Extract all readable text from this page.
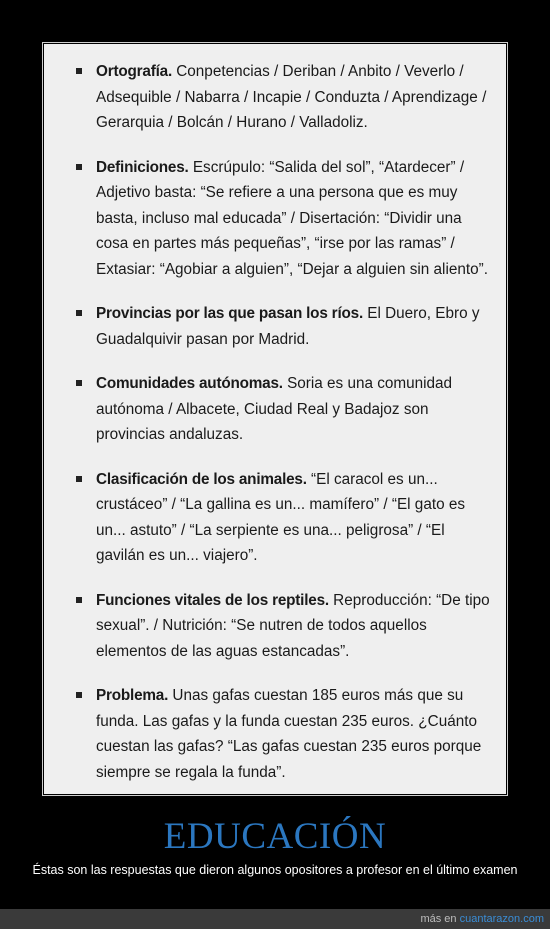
Ortografía. Conpetencias / Deriban / Anbito / Veverlo / Adsequible / Nabarra / Incapie / Conduzta / Aprendizage / Gerarquia / Bolcán / Hurano / Valladoliz.
Definiciones. Escrúpulo: “Salida del sol”, “Atardecer” / Adjetivo basta: “Se refiere a una persona que es muy basta, incluso mal educada” / Disertación: “Dividir una cosa en partes más pequeñas”, “irse por las ramas” / Extasiar: “Agobiar a alguien”, “Dejar a alguien sin aliento”.
Provincias por las que pasan los ríos. El Duero, Ebro y Guadalquivir pasan por Madrid.
Comunidades autónomas. Soria es una comunidad autónoma / Albacete, Ciudad Real y Badajoz son provincias andaluzas.
Clasificación de los animales. “El caracol es un... crustáceo” / “La gallina es un... mamífero” / “El gato es un... astuto” / “La serpiente es una... peligrosa” / “El gavilán es un... viajero”.
Funciones vitales de los reptiles. Reproducción: “De tipo sexual”. / Nutrición: “Se nutren de todos aquellos elementos de las aguas estancadas”.
Problema. Unas gafas cuestan 185 euros más que su funda. Las gafas y la funda cuestan 235 euros. ¿Cuánto cuestan las gafas? “Las gafas cuestan 235 euros porque siempre se regala la funda”.
EDUCACIÓN
Éstas son las respuestas que dieron algunos opositores a profesor en el último examen
más en cuantarazon.com
